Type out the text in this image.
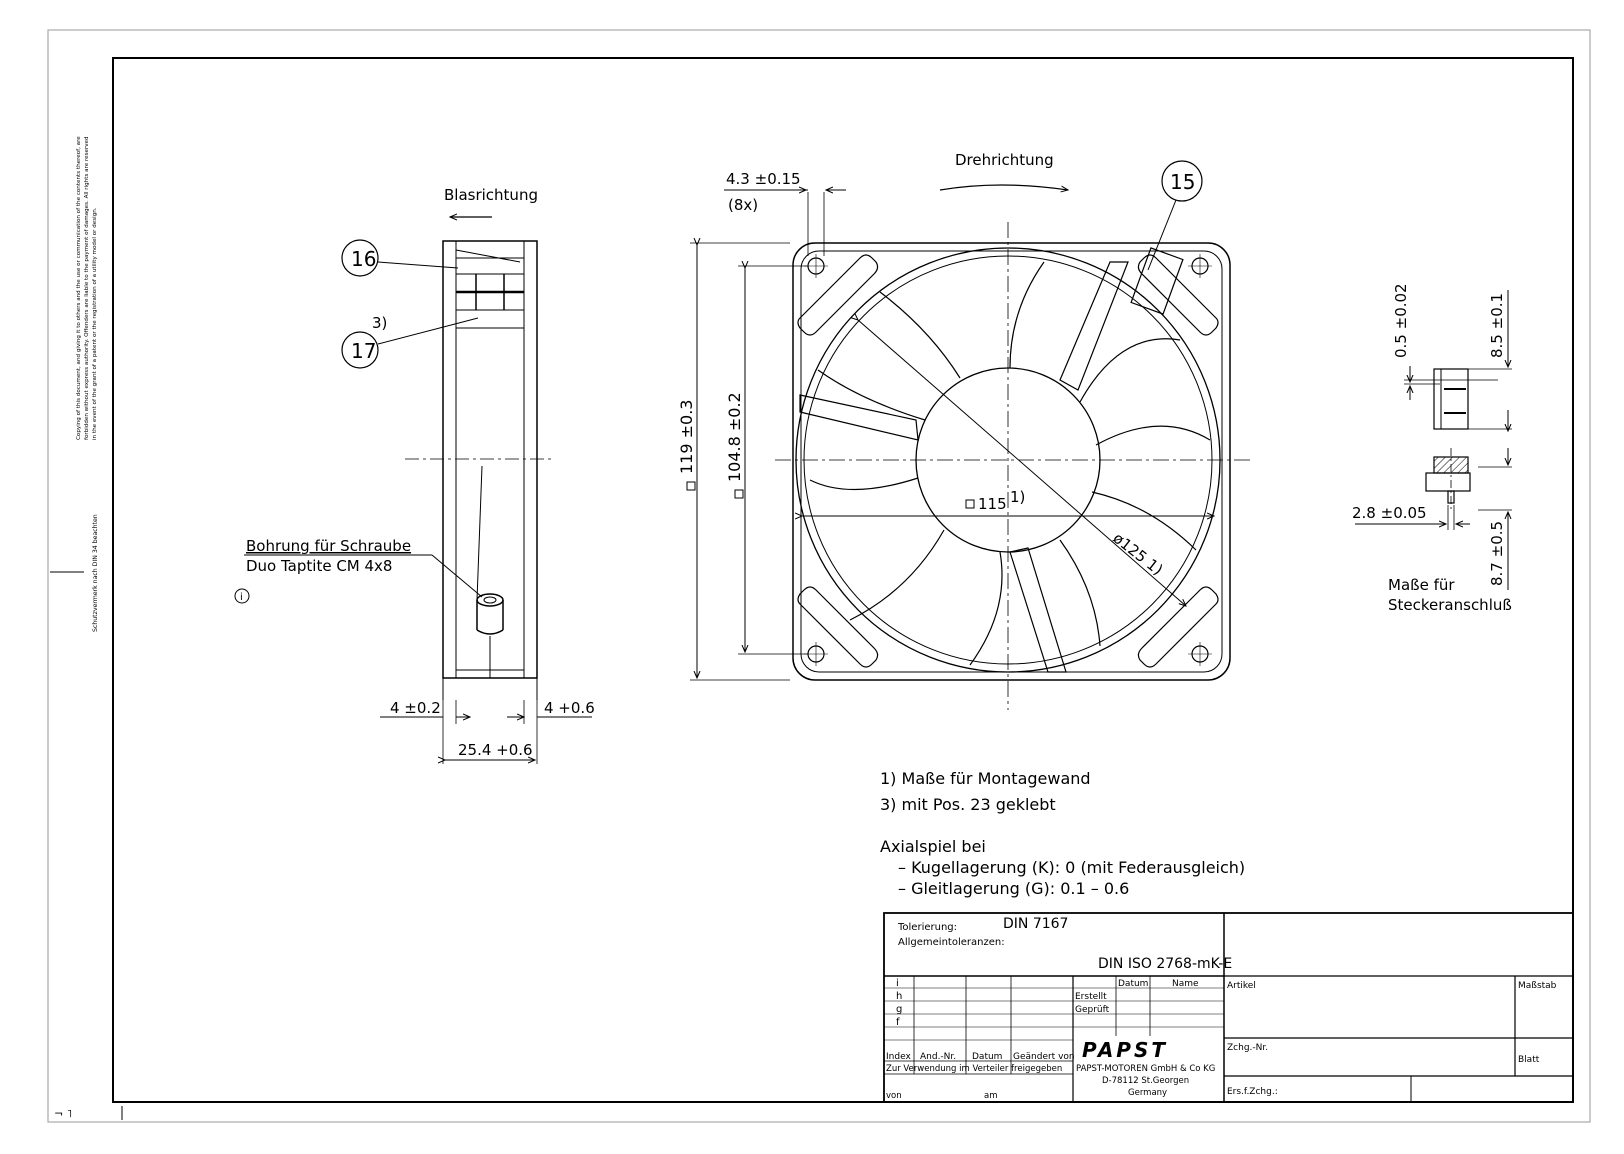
¬ ˥
Blasrichtung
16
17
3)
Bohrung für Schraube
Duo Taptite CM 4x8
i
4 ±0.2	4 +0.6
25.4 +0.6
Drehrichtung
15
4.3 ±0.15
(8x)
119 ±0.3 104.8 ±0.2
115 1)
ø125 1)
0.5 ±0.02	8.5 ±0.1
2.8 ±0.05
8.7 ±0.5
Maße für
Steckeranschluß
1) Maße für Montagewand
3) mit Pos. 23 geklebt
Axialspiel bei
– Kugellagerung (K): 0 (mit Federausgleich)
– Gleitlagerung (G): 0.1 – 0.6
Tolerierung:	DIN 7167
Allgemeintoleranzen:
DIN ISO 2768-mK-E
i
h
g
f
Index And.-Nr. Datum Geändert von
Datum	Name
Erstellt
Geprüft
Zur Verwendung im Verteiler freigegeben
von	am
PAPST
PAPST-MOTOREN GmbH & Co KG
D-78112 St.Georgen
Germany
Artikel	Maßstab
Zchg.-Nr.
Blatt
Ers.f.Zchg.:
Copying of this document, and giving it to others and the use or communication of the contents thereof, are forbidden without express authority. Offenders are liable to the payment of damages. All rights are reserved in the event of the grant of a patent or the registration of a utility model or design.
Schutzvermerk nach DIN 34 beachten
